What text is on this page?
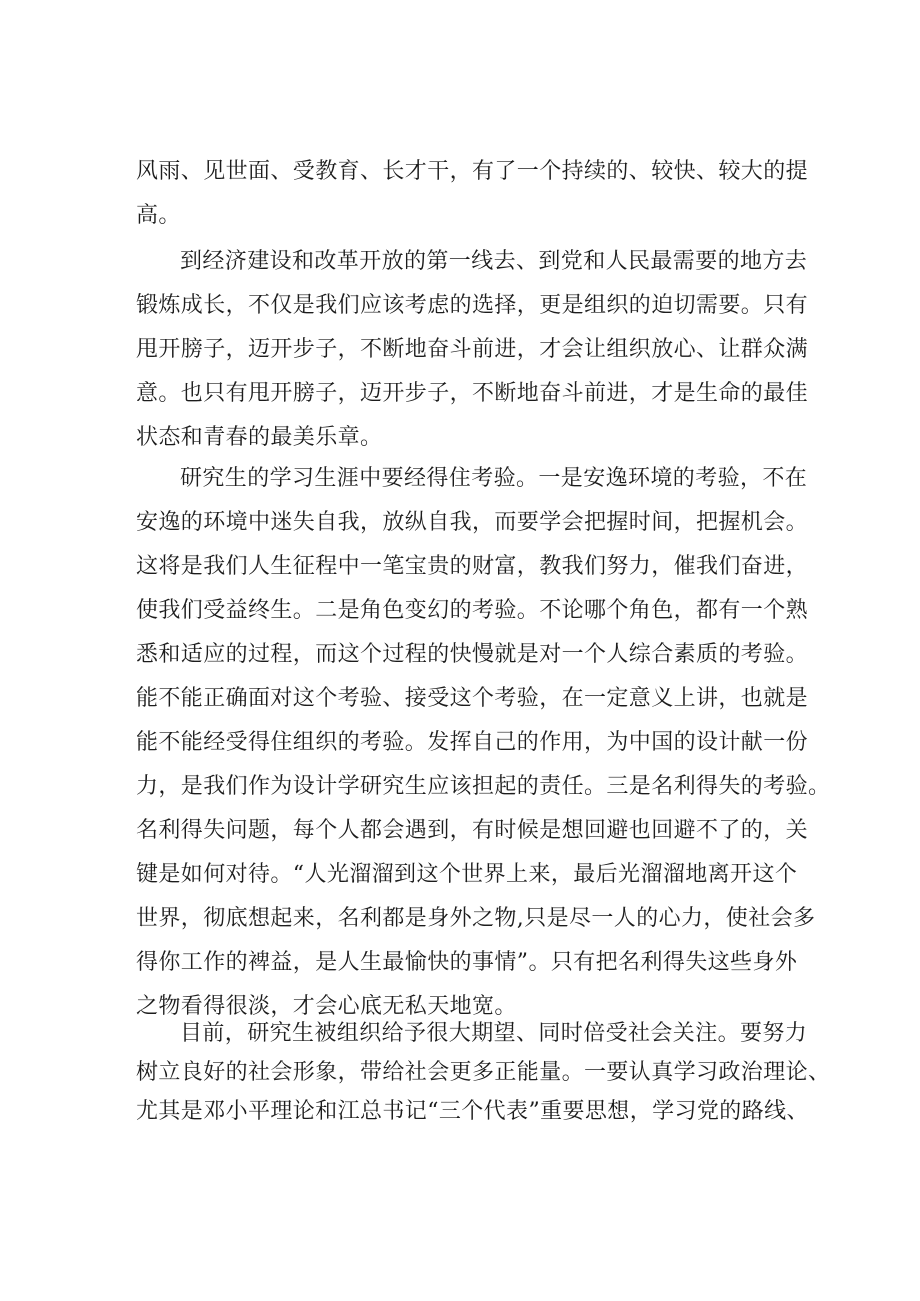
风雨、见世面、受教育、长才干，有了一个持续的、较快、较大的提
高。
到经济建设和改革开放的第一线去、到党和人民最需要的地方去
锻炼成长，不仅是我们应该考虑的选择，更是组织的迫切需要。只有
甩开膀子，迈开步子，不断地奋斗前进，才会让组织放心、让群众满
意。也只有甩开膀子，迈开步子，不断地奋斗前进，才是生命的最佳
状态和青春的最美乐章。
研究生的学习生涯中要经得住考验。一是安逸环境的考验，不在
安逸的环境中迷失自我，放纵自我，而要学会把握时间，把握机会。
这将是我们人生征程中一笔宝贵的财富，教我们努力，催我们奋进，
使我们受益终生。二是角色变幻的考验。不论哪个角色，都有一个熟
悉和适应的过程，而这个过程的快慢就是对一个人综合素质的考验。
能不能正确面对这个考验、接受这个考验，在一定意义上讲，也就是
能不能经受得住组织的考验。发挥自己的作用，为中国的设计献一份
力，是我们作为设计学研究生应该担起的责任。三是名利得失的考验。
名利得失问题，每个人都会遇到，有时候是想回避也回避不了的，关
键是如何对待。“人光溜溜到这个世界上来，最后光溜溜地离开这个
世界，彻底想起来，名利都是身外之物,只是尽一人的心力，使社会多
得你工作的裨益，是人生最愉快的事情”。只有把名利得失这些身外
之物看得很淡，才会心底无私天地宽。
目前，研究生被组织给予很大期望、同时倍受社会关注。要努力
树立良好的社会形象，带给社会更多正能量。一要认真学习政治理论、
尤其是邓小平理论和江总书记“三个代表”重要思想，学习党的路线、
